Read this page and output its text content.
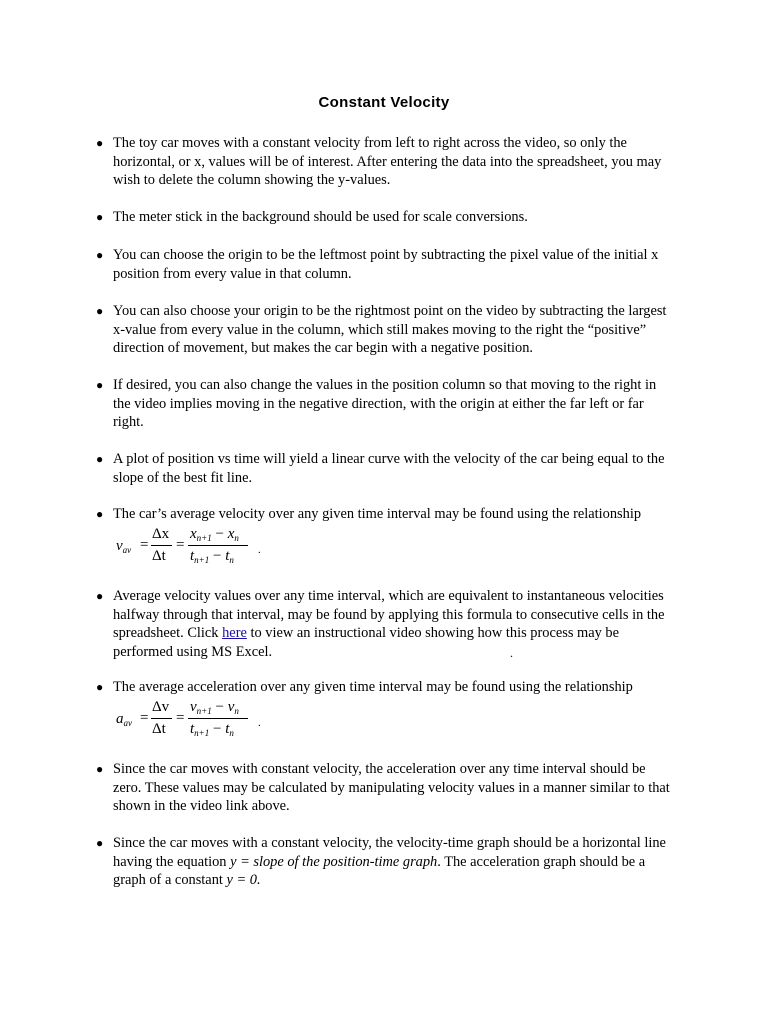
Constant Velocity
● The toy car moves with a constant velocity from left to right across the video, so only the horizontal, or x, values will be of interest. After entering the data into the spreadsheet, you may wish to delete the column showing the y-values.
● The meter stick in the background should be used for scale conversions.
● You can choose the origin to be the leftmost point by subtracting the pixel value of the initial x position from every value in that column.
● You can also choose your origin to be the rightmost point on the video by subtracting the largest x-value from every value in the column, which still makes moving to the right the “positive” direction of movement, but makes the car begin with a negative position.
● If desired, you can also change the values in the position column so that moving to the right in the video implies moving in the negative direction, with the origin at either the far left or far right.
● A plot of position vs time will yield a linear curve with the velocity of the car being equal to the slope of the best fit line.
● The car’s average velocity over any given time interval may be found using the relationship
$v_{av}$ =
Δx
Δt
=
$x_{n+1} - x_n$
$t_{n+1} - t_n$
.
● Average velocity values over any time interval, which are equivalent to instantaneous velocities halfway through that interval, may be found by applying this formula to consecutive cells in the spreadsheet. Click here to view an instructional video showing how this process may be performed using MS Excel.	.
● The average acceleration over any given time interval may be found using the relationship
$a_{av}$ =
Δv
Δt
=
$v_{n+1} - v_n$
$t_{n+1} - t_n$
.
● Since the car moves with constant velocity, the acceleration over any time interval should be zero. These values may be calculated by manipulating velocity values in a manner similar to that shown in the video link above.
● Since the car moves with a constant velocity, the velocity-time graph should be a horizontal line having the equation y = slope of the position-time graph. The acceleration graph should be a graph of a constant y = 0.
